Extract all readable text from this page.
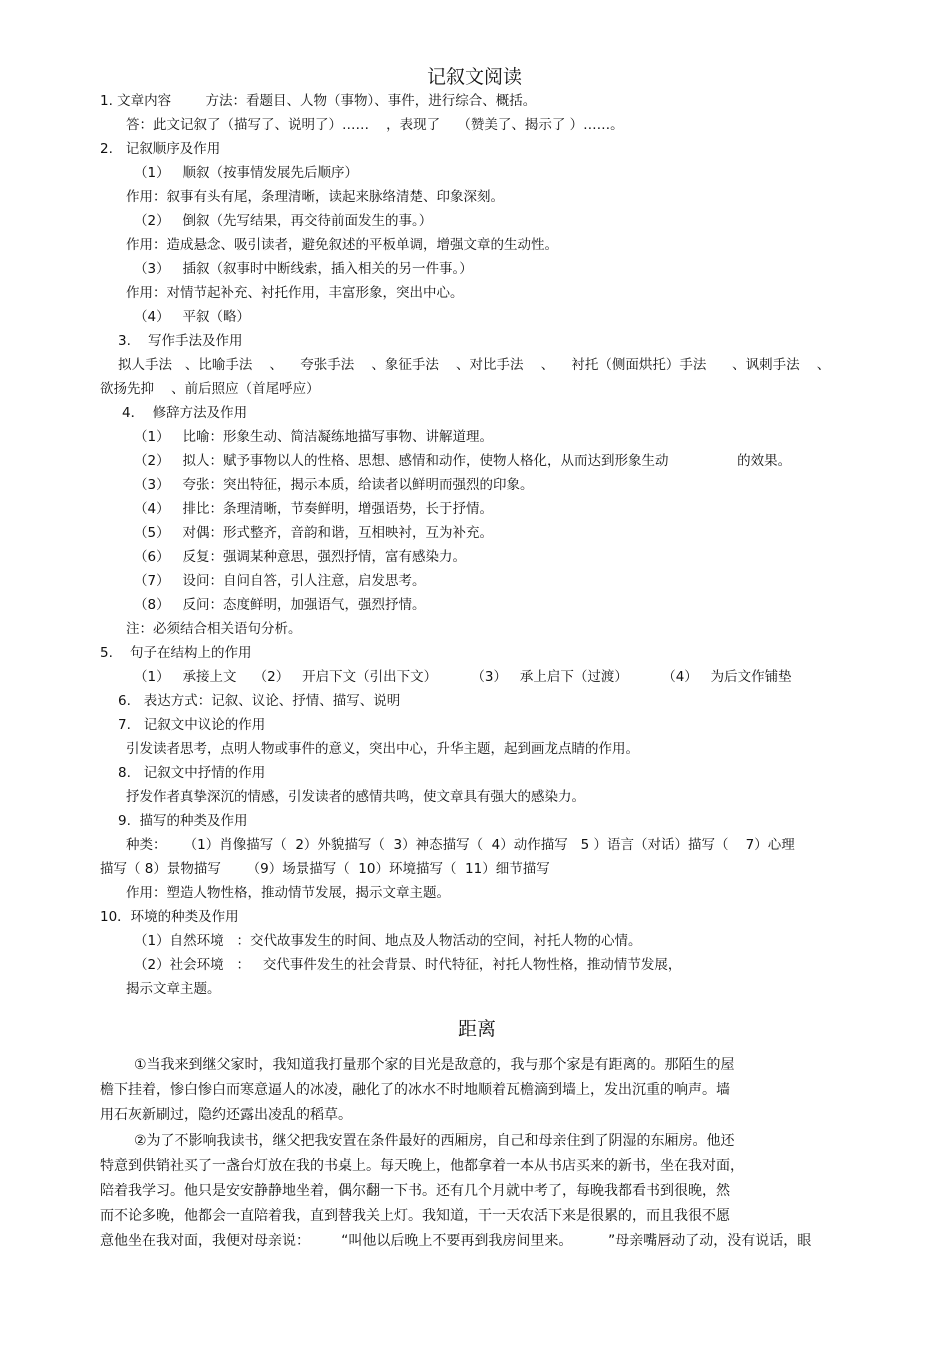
记叙文阅读
1. 文章内容        方法：看题目、人物（事物）、事件，进行综合、概括。
答：此文记叙了（描写了、说明了）……    ，表现了    （赞美了、揭示了 ）……。
2.   记叙顺序及作用
（1）   顺叙（按事情发展先后顺序）
作用：叙事有头有尾，条理清晰，读起来脉络清楚、印象深刻。
（2）   倒叙（先写结果，再交待前面发生的事。）
作用：造成悬念、吸引读者，避免叙述的平板单调，增强文章的生动性。
（3）   插叙（叙事时中断线索，插入相关的另一件事。）
作用：对情节起补充、衬托作用，丰富形象，突出中心。
（4）   平叙（略）
3.    写作手法及作用
拟人手法   、比喻手法    、    夸张手法    、象征手法    、对比手法    、    衬托（侧面烘托）手法      、讽刺手法    、
欲扬先抑    、前后照应（首尾呼应）
4．  修辞方法及作用
（1）   比喻：形象生动、简洁凝练地描写事物、讲解道理。
（2）   拟人：赋予事物以人的性格、思想、感情和动作，使物人格化，从而达到形象生动                的效果。
（3）   夸张：突出特征，揭示本质，给读者以鲜明而强烈的印象。
（4）   排比：条理清晰，节奏鲜明，增强语势，长于抒情。
（5）   对偶：形式整齐，音韵和谐，互相映衬，互为补充。
（6）   反复：强调某种意思，强烈抒情，富有感染力。
（7）   设问：自问自答，引人注意，启发思考。
（8）   反问：态度鲜明，加强语气，强烈抒情。
注：必须结合相关语句分析。
5.    句子在结构上的作用
（1）   承接上文    （2）   开启下文（引出下文）        （3）   承上启下（过渡）        （4）   为后文作铺垫
6.   表达方式：记叙、议论、抒情、描写、说明
7.   记叙文中议论的作用
引发读者思考，点明人物或事件的意义，突出中心，升华主题，起到画龙点睛的作用。
8.   记叙文中抒情的作用
抒发作者真挚深沉的情感，引发读者的感情共鸣，使文章具有强大的感染力。
9.  描写的种类及作用
种类：    （1）肖像描写（  2）外貌描写（  3）神态描写（  4）动作描写   5 ）语言（对话）描写（    7）心理
描写（ 8）景物描写      （9）场景描写（  10）环境描写（  11）细节描写
作用：塑造人物性格，推动情节发展，揭示文章主题。
10．环境的种类及作用
（1）自然环境   ：交代故事发生的时间、地点及人物活动的空间，衬托人物的心情。
（2）社会环境   ：   交代事件发生的社会背景、时代特征，衬托人物性格，推动情节发展，
揭示文章主题。
距离
①当我来到继父家时，我知道我打量那个家的目光是敌意的，我与那个家是有距离的。那陌生的屋
檐下挂着，惨白惨白而寒意逼人的冰凌，融化了的冰水不时地顺着瓦檐滴到墙上，发出沉重的响声。墙
用石灰新刷过，隐约还露出凌乱的稻草。
②为了不影响我读书，继父把我安置在条件最好的西厢房，自己和母亲住到了阴湿的东厢房。他还
特意到供销社买了一盏台灯放在我的书桌上。每天晚上，他都拿着一本从书店买来的新书，坐在我对面，
陪着我学习。他只是安安静静地坐着，偶尔翻一下书。还有几个月就中考了，每晚我都看书到很晚，然
而不论多晚，他都会一直陪着我，直到替我关上灯。我知道，干一天农活下来是很累的，而且我很不愿
意他坐在我对面，我便对母亲说：       “叫他以后晚上不要再到我房间里来。        ”母亲嘴唇动了动，没有说话，眼
